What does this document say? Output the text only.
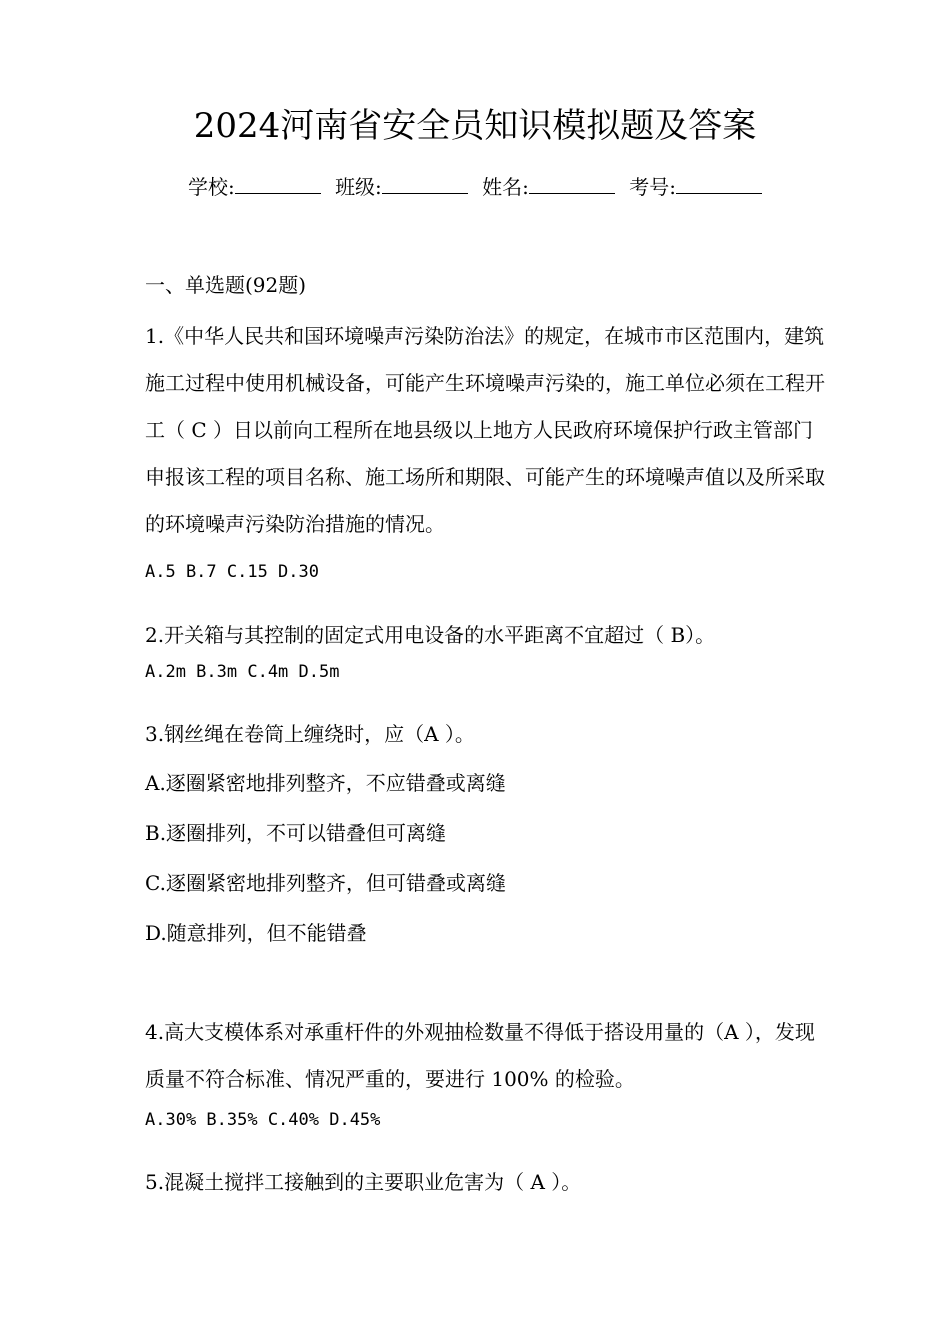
2024河南省安全员知识模拟题及答案
学校:	班级:	姓名:	考号:
一、单选题(92题)
1.《中华人民共和国环境噪声污染防治法》的规定，在城市市区范围内，建筑施工过程中使用机械设备，可能产生环境噪声污染的，施工单位必须在工程开工（ C ）日以前向工程所在地县级以上地方人民政府环境保护行政主管部门申报该工程的项目名称、施工场所和期限、可能产生的环境噪声值以及所采取的环境噪声污染防治措施的情况。
A.5 B.7 C.15 D.30
2.开关箱与其控制的固定式用电设备的水平距离不宜超过（ B）。
A.2m B.3m C.4m D.5m
3.钢丝绳在卷筒上缠绕时，应（A ）。
A.逐圈紧密地排列整齐，不应错叠或离缝
B.逐圈排列，不可以错叠但可离缝
C.逐圈紧密地排列整齐，但可错叠或离缝
D.随意排列，但不能错叠
4.高大支模体系对承重杆件的外观抽检数量不得低于搭设用量的（A ），发现质量不符合标准、情况严重的，要进行 100% 的检验。
A.30% B.35% C.40% D.45%
5.混凝土搅拌工接触到的主要职业危害为（ A ）。
